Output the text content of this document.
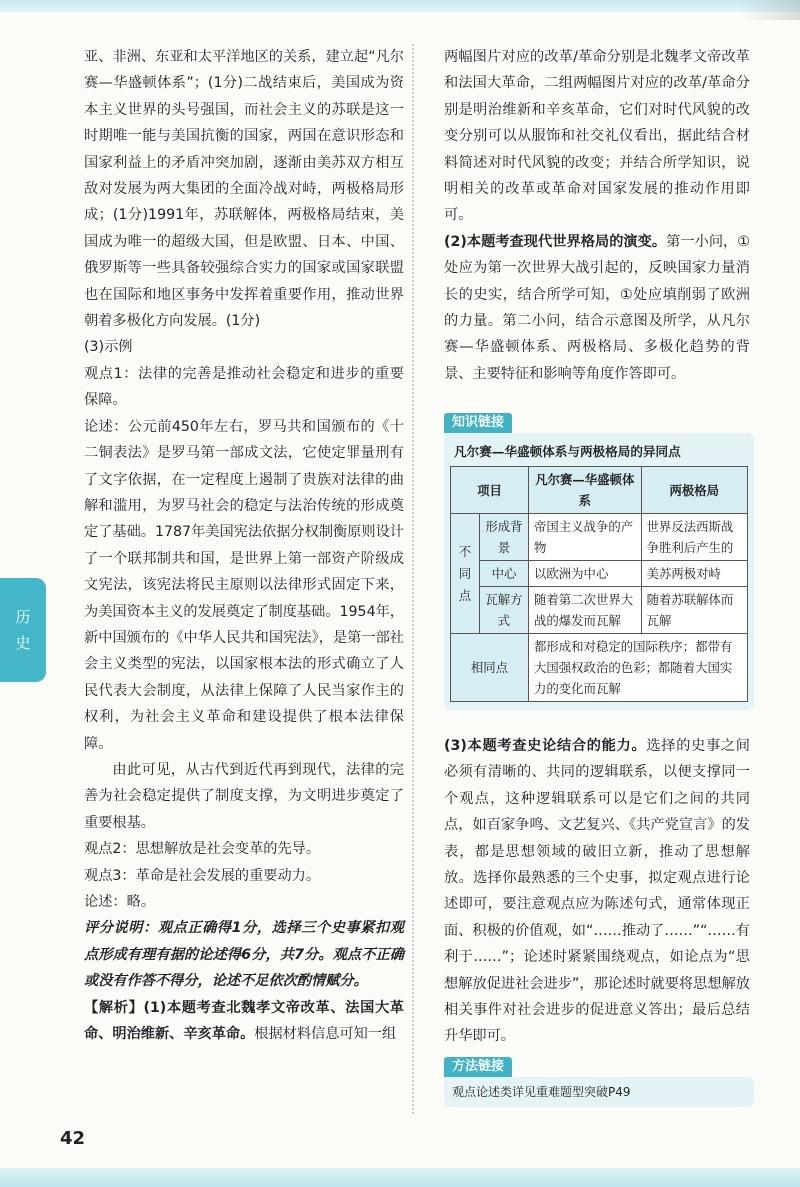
历
史

亚、非洲、东亚和太平洋地区的关系，建立起“凡尔赛—华盛顿体系”；(1分)二战结束后，美国成为资本主义世界的头号强国，而社会主义的苏联是这一时期唯一能与美国抗衡的国家，两国在意识形态和国家利益上的矛盾冲突加剧，逐渐由美苏双方相互敌对发展为两大集团的全面冷战对峙，两极格局形成；(1分)1991年，苏联解体，两极格局结束，美国成为唯一的超级大国，但是欧盟、日本、中国、俄罗斯等一些具备较强综合实力的国家或国家联盟也在国际和地区事务中发挥着重要作用，推动世界朝着多极化方向发展。(1分)

(3)示例

观点1：法律的完善是推动社会稳定和进步的重要保障。

论述：公元前450年左右，罗马共和国颁布的《十二铜表法》是罗马第一部成文法，它使定罪量刑有了文字依据，在一定程度上遏制了贵族对法律的曲解和滥用，为罗马社会的稳定与法治传统的形成奠定了基础。1787年美国宪法依据分权制衡原则设计了一个联邦制共和国，是世界上第一部资产阶级成文宪法，该宪法将民主原则以法律形式固定下来，为美国资本主义的发展奠定了制度基础。1954年，新中国颁布的《中华人民共和国宪法》，是第一部社会主义类型的宪法，以国家根本法的形式确立了人民代表大会制度，从法律上保障了人民当家作主的权利，为社会主义革命和建设提供了根本法律保障。

由此可见，从古代到近代再到现代，法律的完善为社会稳定提供了制度支撑，为文明进步奠定了重要根基。

观点2：思想解放是社会变革的先导。

观点3：革命是社会发展的重要动力。

论述：略。

评分说明：观点正确得1分，选择三个史事紧扣观点形成有理有据的论述得6分，共7分。观点不正确或没有作答不得分，论述不足依次酌情赋分。

【解析】(1)本题考查北魏孝文帝改革、法国大革命、明治维新、辛亥革命。根据材料信息可知一组

两幅图片对应的改革/革命分别是北魏孝文帝改革和法国大革命，二组两幅图片对应的改革/革命分别是明治维新和辛亥革命，它们对时代风貌的改变分别可以从服饰和社交礼仪看出，据此结合材料简述对时代风貌的改变；并结合所学知识，说明相关的改革或革命对国家发展的推动作用即可。

(2)本题考查现代世界格局的演变。第一小问，①处应为第一次世界大战引起的，反映国家力量消长的史实，结合所学可知，①处应填削弱了欧洲的力量。第二小问，结合示意图及所学，从凡尔赛—华盛顿体系、两极格局、多极化趋势的背景、主要特征和影响等角度作答即可。

知识链接
凡尔赛—华盛顿体系与两极格局的异同点
项目		凡尔赛—华盛顿体系	两极格局
不
同
点	形成背景	帝国主义战争的产物	世界反法西斯战争胜利后产生的
	中心	以欧洲为中心	美苏两极对峙
	瓦解方式	随着第二次世界大战的爆发而瓦解	随着苏联解体而瓦解
相同点		都形成和对稳定的国际秩序；都带有大国强权政治的色彩；都随着大国实力的变化而瓦解	

(3)本题考查史论结合的能力。选择的史事之间必须有清晰的、共同的逻辑联系，以便支撑同一个观点，这种逻辑联系可以是它们之间的共同点，如百家争鸣、文艺复兴、《共产党宣言》的发表，都是思想领域的破旧立新，推动了思想解放。选择你最熟悉的三个史事，拟定观点进行论述即可，要注意观点应为陈述句式，通常体现正面、积极的价值观，如“……推动了……”“……有利于……”；论述时紧紧围绕观点，如论点为“思想解放促进社会进步”，那论述时就要将思想解放相关事件对社会进步的促进意义答出；最后总结升华即可。

方法链接
观点论述类详见重难题型突破P49
42
